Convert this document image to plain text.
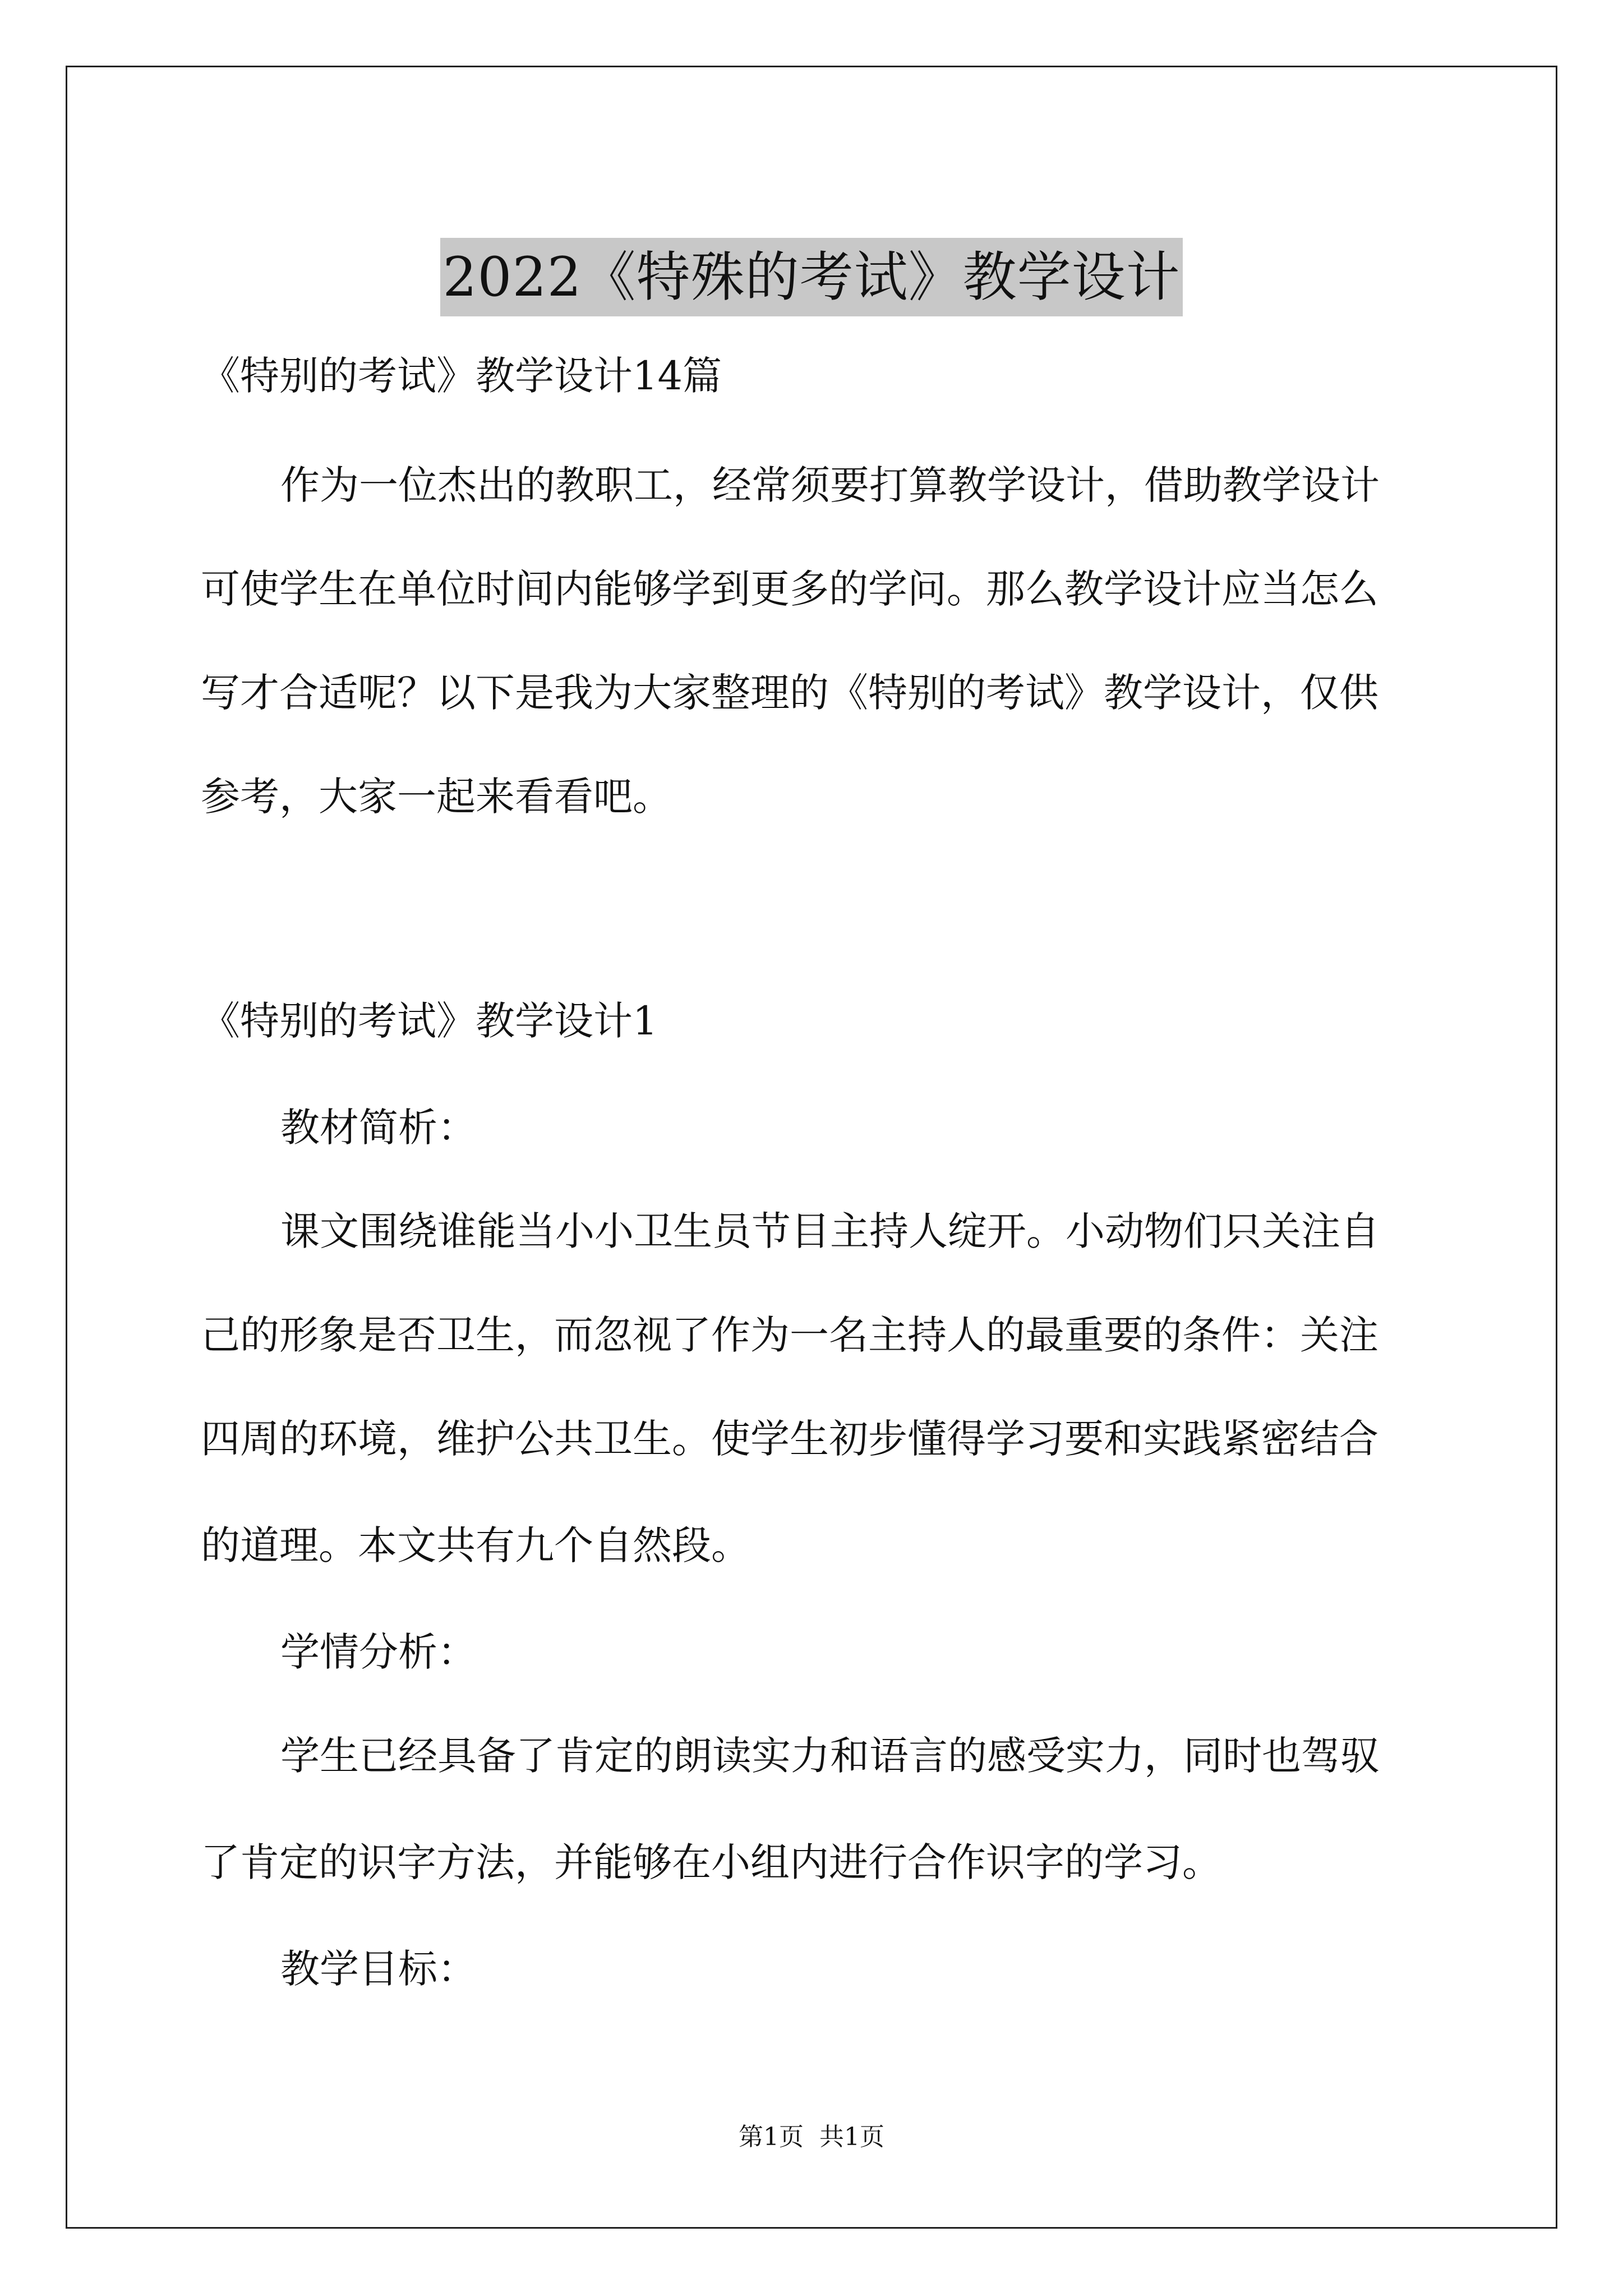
2022《特殊的考试》教学设计
《特别的考试》教学设计14篇
作为一位杰出的教职工，经常须要打算教学设计，借助教学设计
可使学生在单位时间内能够学到更多的学问。那么教学设计应当怎么
写才合适呢？以下是我为大家整理的《特别的考试》教学设计，仅供
参考，大家一起来看看吧。
《特别的考试》教学设计1
教材简析：
课文围绕谁能当小小卫生员节目主持人绽开。小动物们只关注自
己的形象是否卫生，而忽视了作为一名主持人的最重要的条件：关注
四周的环境，维护公共卫生。使学生初步懂得学习要和实践紧密结合
的道理。本文共有九个自然段。
学情分析：
学生已经具备了肯定的朗读实力和语言的感受实力，同时也驾驭
了肯定的识字方法，并能够在小组内进行合作识字的学习。
教学目标：
第1页 共1页
